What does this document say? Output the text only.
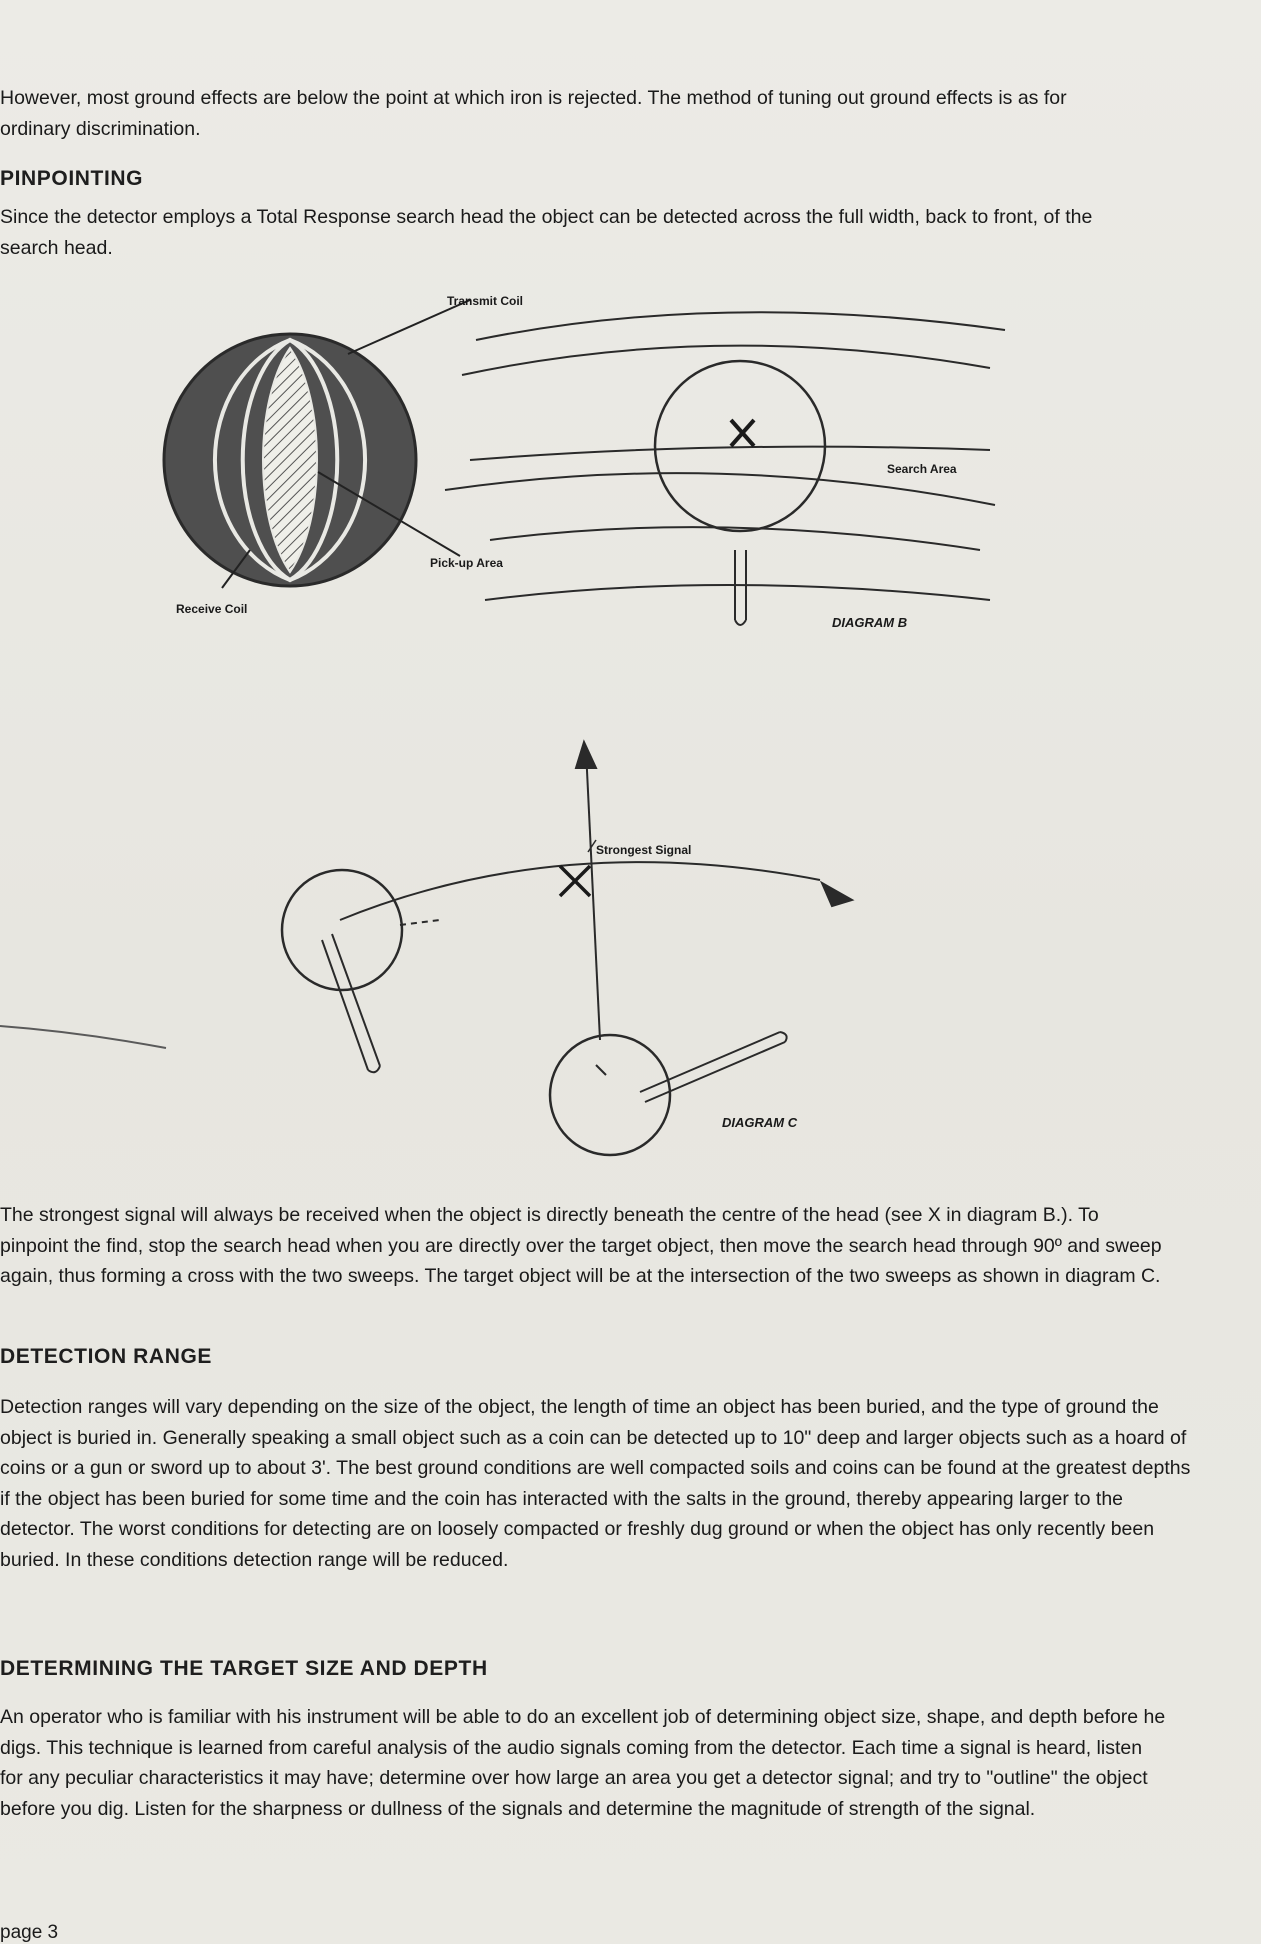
However, most ground effects are below the point at which iron is rejected. The method of tuning out ground effects is as for ordinary discrimination.

PINPOINTING

Since the detector employs a Total Response search head the object can be detected across the full width, back to front, of the search head.

Transmit Coil
Pick-up Area
Receive Coil
Search Area
DIAGRAM B
Strongest Signal
DIAGRAM C

The strongest signal will always be received when the object is directly beneath the centre of the head (see X in diagram B.). To pinpoint the find, stop the search head when you are directly over the target object, then move the search head through 90º and sweep again, thus forming a cross with the two sweeps. The target object will be at the intersection of the two sweeps as shown in diagram C.

DETECTION RANGE

Detection ranges will vary depending on the size of the object, the length of time an object has been buried, and the type of ground the object is buried in. Generally speaking a small object such as a coin can be detected up to 10" deep and larger objects such as a hoard of coins or a gun or sword up to about 3'. The best ground conditions are well compacted soils and coins can be found at the greatest depths if the object has been buried for some time and the coin has interacted with the salts in the ground, thereby appearing larger to the detector. The worst conditions for detecting are on loosely compacted or freshly dug ground or when the object has only recently been buried. In these conditions detection range will be reduced.

DETERMINING THE TARGET SIZE AND DEPTH

An operator who is familiar with his instrument will be able to do an excellent job of determining object size, shape, and depth before he digs. This technique is learned from careful analysis of the audio signals coming from the detector. Each time a signal is heard, listen for any peculiar characteristics it may have; determine over how large an area you get a detector signal; and try to "outline" the object before you dig. Listen for the sharpness or dullness of the signals and determine the magnitude of strength of the signal.

page 3
